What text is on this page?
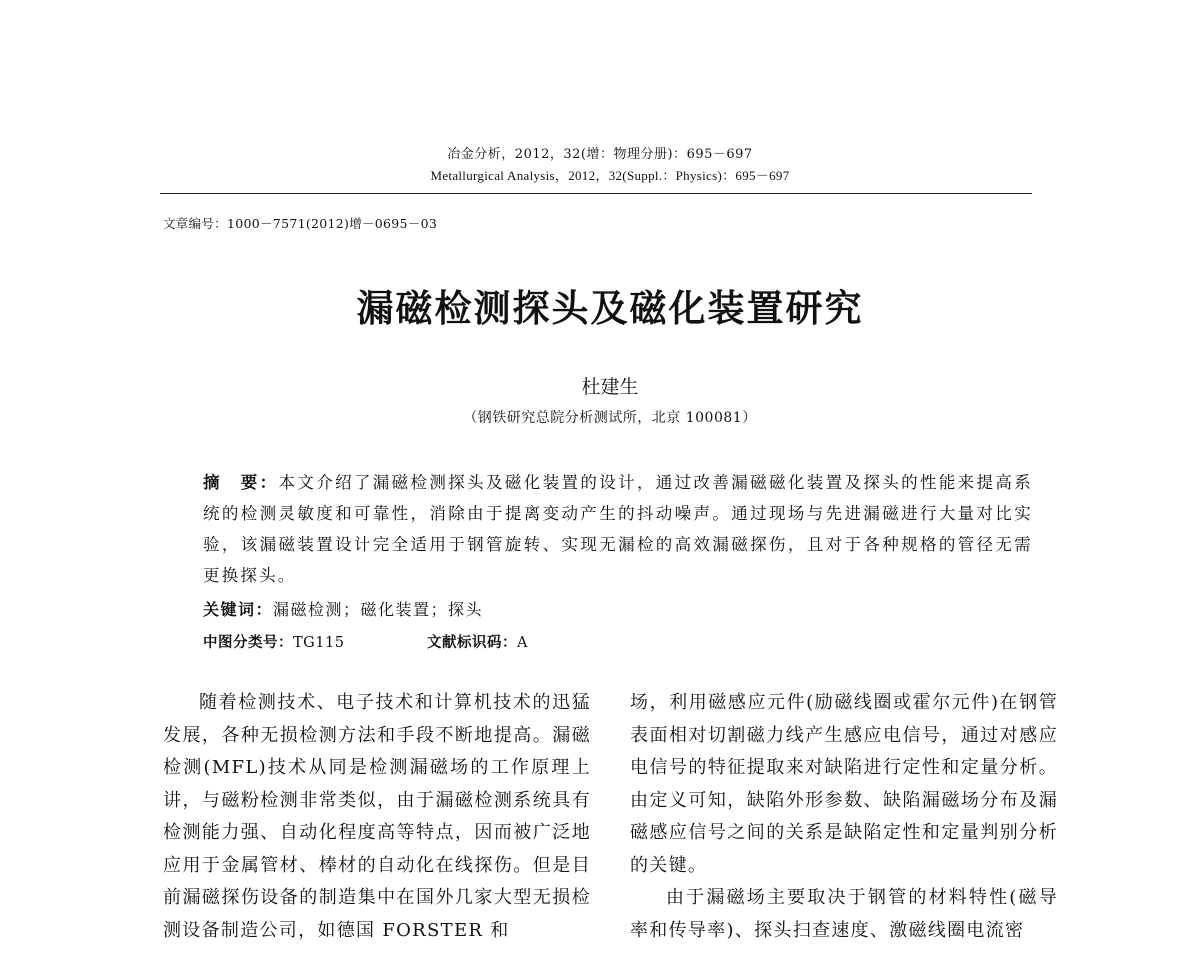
冶金分析，2012，32(增：物理分册)：695－697
Metallurgical Analysis，2012，32(Suppl.：Physics)：695－697
文章编号：1000－7571(2012)增－0695－03
漏磁检测探头及磁化装置研究
杜建生
（钢铁研究总院分析测试所，北京 100081）
摘　要：本文介绍了漏磁检测探头及磁化装置的设计，通过改善漏磁磁化装置及探头的性能来提高系统的检测灵敏度和可靠性，消除由于提离变动产生的抖动噪声。通过现场与先进漏磁进行大量对比实验，该漏磁装置设计完全适用于钢管旋转、实现无漏检的高效漏磁探伤，且对于各种规格的管径无需更换探头。
关键词：漏磁检测；磁化装置；探头
中图分类号：TG115	文献标识码：A

随着检测技术、电子技术和计算机技术的迅猛发展，各种无损检测方法和手段不断地提高。漏磁检测(MFL)技术从同是检测漏磁场的工作原理上讲，与磁粉检测非常类似，由于漏磁检测系统具有检测能力强、自动化程度高等特点，因而被广泛地应用于金属管材、棒材的自动化在线探伤。但是目前漏磁探伤设备的制造集中在国外几家大型无损检测设备制造公司，如德国 FORSTER 和

场，利用磁感应元件(励磁线圈或霍尔元件)在钢管表面相对切割磁力线产生感应电信号，通过对感应电信号的特征提取来对缺陷进行定性和定量分析。由定义可知，缺陷外形参数、缺陷漏磁场分布及漏磁感应信号之间的关系是缺陷定性和定量判别分析的关键。

由于漏磁场主要取决于钢管的材料特性(磁导率和传导率)、探头扫查速度、激磁线圈电流密
